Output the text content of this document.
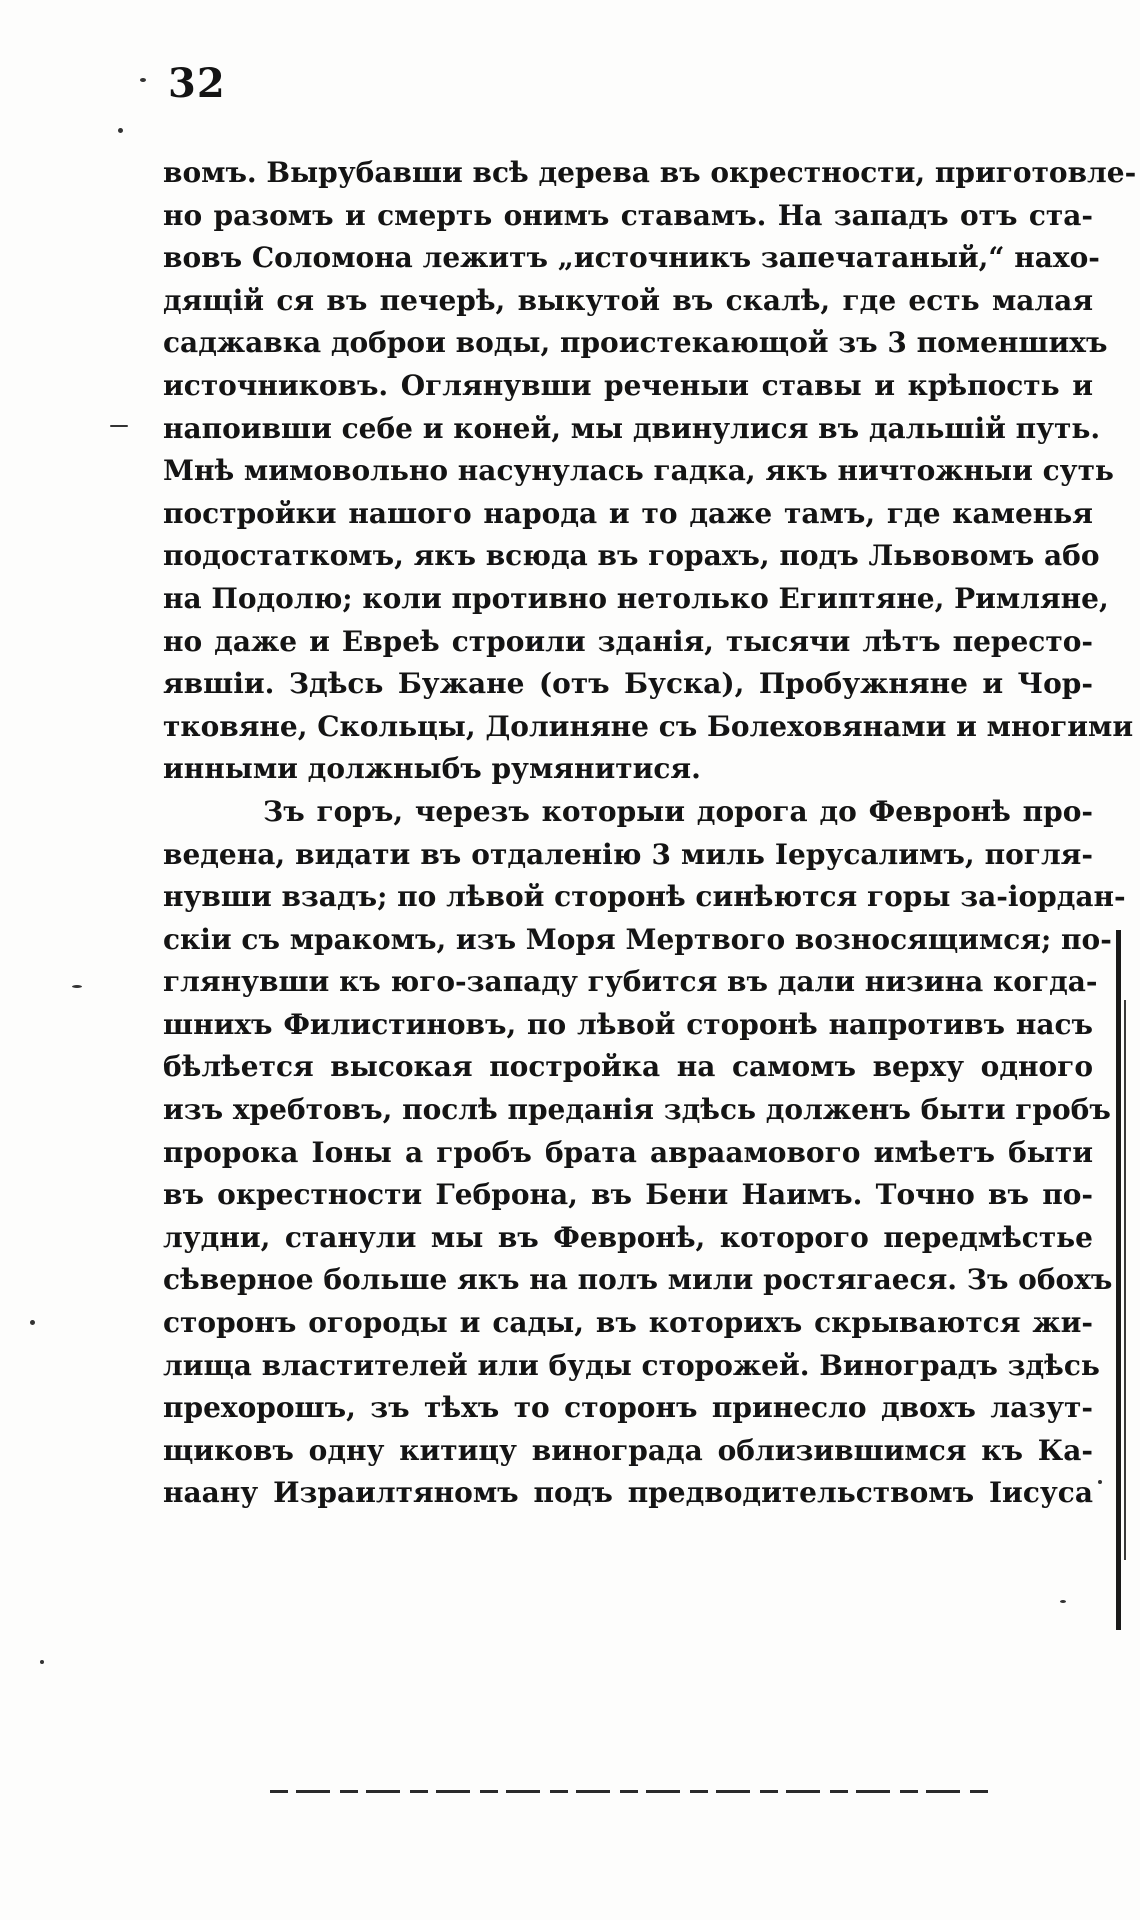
32
вомъ. Вырубавши всѣ дерева въ окрестности, приготовле-
но разомъ и смерть онимъ ставамъ. На западъ отъ ста-
вовъ Соломона лежитъ „источникъ запечатаный,“ нахо-
дящій ся въ печерѣ, выкутой въ скалѣ, где есть малая
саджавка доброи воды, проистекающой зъ 3 поменшихъ
источниковъ. Оглянувши реченыи ставы и крѣпость и
напоивши себе и коней, мы двинулися въ дальшій путь.
Мнѣ мимовольно насунулась гадка, якъ ничтожныи суть
постройки нашого народа и то даже тамъ, где каменья
подостаткомъ, якъ всюда въ горахъ, подъ Львовомъ або
на Подолю; коли противно нетолько Египтяне, Римляне,
но даже и Евреѣ строили зданія, тысячи лѣтъ пересто-
явшіи. Здѣсь Бужане (отъ Буска), Пробужняне и Чор-
тковяне, Скольцы, Долиняне съ Болеховянами и многими
инными должныбъ румянитися.
Зъ горъ, черезъ которыи дорога до Февронѣ про-
ведена, видати въ отдаленію 3 миль Іерусалимъ, погля-
нувши взадъ; по лѣвой сторонѣ синѣются горы за-іордан-
скіи съ мракомъ, изъ Моря Мертвого возносящимся; по-
глянувши къ юго-западу губится въ дали низина когда-
шнихъ Филистиновъ, по лѣвой сторонѣ напротивъ насъ
бѣлѣется высокая постройка на самомъ верху одного
изъ хребтовъ, послѣ преданія здѣсь долженъ быти гробъ
пророка Іоны а гробъ брата авраамового имѣетъ быти
въ окрестности Геброна, въ Бени Наимъ. Точно въ по-
лудни, станули мы въ Февронѣ, которого передмѣстье
сѣверное больше якъ на полъ мили ростягаеся. Зъ обохъ
сторонъ огороды и сады, въ которихъ скрываются жи-
лища властителей или буды сторожей. Виноградъ здѣсь
прехорошъ, зъ тѣхъ то сторонъ принесло двохъ лазут-
щиковъ одну китицу винограда облизившимся къ Ка-
наану Израилтяномъ подъ предводительствомъ Іисуса
